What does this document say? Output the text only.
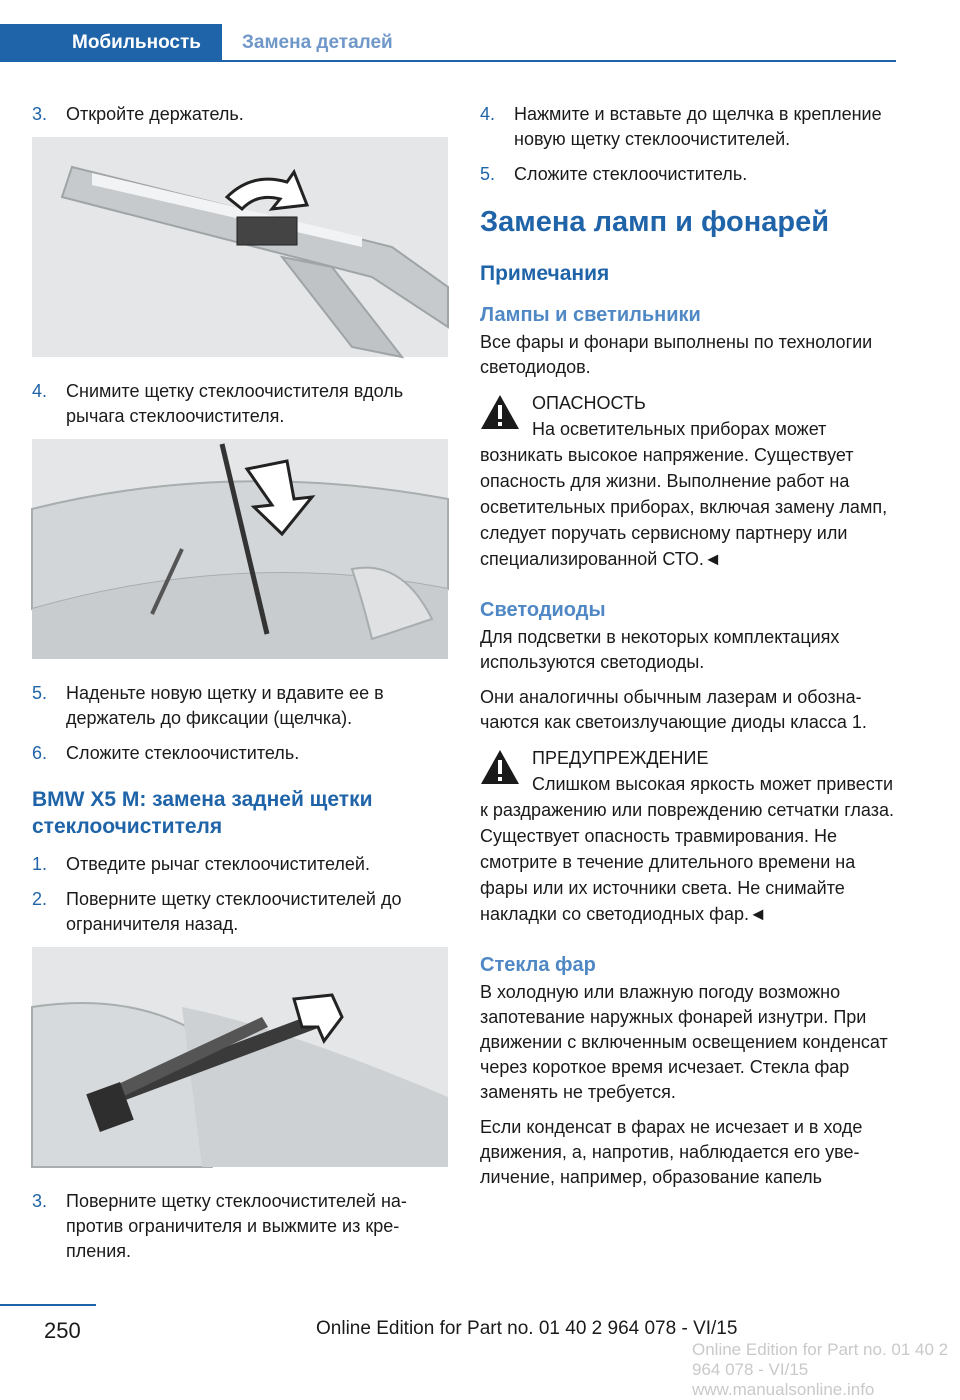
Мобильность	Замена деталей
3.	Откройте держатель.
4.	Снимите щетку стеклоочистителя вдоль рычага стеклоочистителя.
5.	Наденьте новую щетку и вдавите ее в держатель до фиксации (щелчка).
6.	Сложите стеклоочиститель.
BMW X5 M: замена задней щетки стеклоочистителя
1.	Отведите рычаг стеклоочистителей.
2.	Поверните щетку стеклоочистителей до ограничителя назад.
3.	Поверните щетку стеклоочистителей напротив ограничителя и выжмите из крепления.
4.	Нажмите и вставьте до щелчка в крепление новую щетку стеклоочистителей.
5.	Сложите стеклоочиститель.
Замена ламп и фонарей
Примечания
Лампы и светильники
Все фары и фонари выполнены по технологии светодиодов.
ОПАСНОСТЬ
На осветительных приборах может возникать высокое напряжение. Существует опасность для жизни. Выполнение работ на осветительных приборах, включая замену ламп, следует поручать сервисному партнеру или специализированной СТО.◄
Светодиоды
Для подсветки в некоторых комплектациях используются светодиоды.
Они аналогичны обычным лазерам и обозначаются как светоизлучающие диоды класса 1.
ПРЕДУПРЕЖДЕНИЕ
Слишком высокая яркость может привести к раздражению или повреждению сетчатки глаза. Существует опасность травмирования. Не смотрите в течение длительного времени на фары или их источники света. Не снимайте накладки со светодиодных фар.◄
Стекла фар
В холодную или влажную погоду возможно запотевание наружных фонарей изнутри. При движении с включенным освещением конденсат через короткое время исчезает. Стекла фар заменять не требуется.
Если конденсат в фарах не исчезает и в ходе движения, а, напротив, наблюдается его увеличение, например, образование капель
250	Online Edition for Part no. 01 40 2 964 078 - VI/15
Online Edition for Part no. 01 40 2 964 078 - VI/15 www.manualsonline.info
